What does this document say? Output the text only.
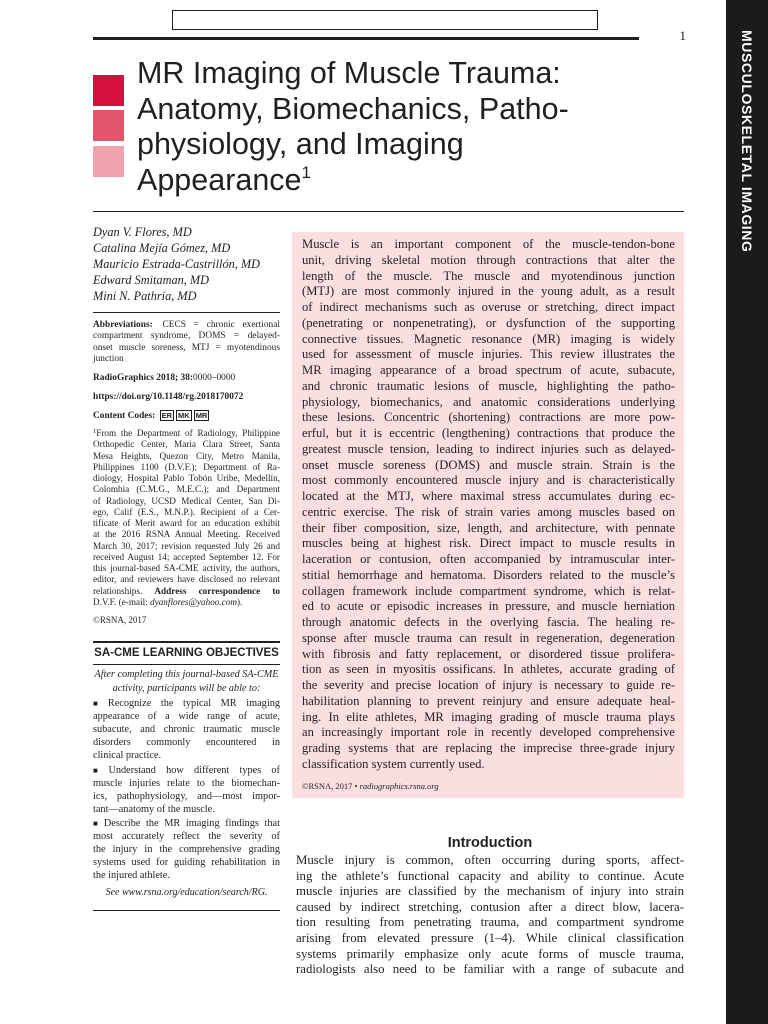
1	MUSCULOSKELETAL IMAGING
MR Imaging of Muscle Trauma:
Anatomy, Biomechanics, Patho-
physiology, and Imaging
Appearance$^1$
Dyan V. Flores, MD
Catalina Mejía Gómez, MD
Mauricio Estrada-Castrillón, MD
Edward Smitaman, MD
Mini N. Pathria, MD
Abbreviations: CECS = chronic exertional
compartment syndrome, DOMS = delayed-
onset muscle soreness, MTJ = myotendinous
junction
RadioGraphics 2018; 38:0000–0000
https://doi.org/10.1148/rg.2018170072
Content Codes: ER MK MR
$^1$From the Department of Radiology, Philippine
Orthopedic Center, Maria Clara Street, Santa
Mesa Heights, Quezon City, Metro Manila,
Philippines 1100 (D.V.F.); Department of Ra-
diology, Hospital Pablo Tobón Uribe, Medellín,
Colombia (C.M.G., M.E.C.); and Department
of Radiology, UCSD Medical Center, San Di-
ego, Calif (E.S., M.N.P.). Recipient of a Cer-
tificate of Merit award for an education exhibit
at the 2016 RSNA Annual Meeting. Received
March 30, 2017; revision requested July 26 and
received August 14; accepted September 12. For
this journal-based SA-CME activity, the authors,
editor, and reviewers have disclosed no relevant
relationships. Address correspondence to
D.V.F. (e-mail: dyanflores@yahoo.com).
©RSNA, 2017
SA-CME LEARNING OBJECTIVES
After completing this journal-based SA-CME
activity, participants will be able to:
■ Recognize the typical MR imaging
appearance of a wide range of acute,
subacute, and chronic traumatic muscle
disorders commonly encountered in
clinical practice.
■ Understand how different types of
muscle injuries relate to the biomechan-
ics, pathophysiology, and—most impor-
tant—anatomy of the muscle.
■ Describe the MR imaging findings that
most accurately reflect the severity of
the injury in the comprehensive grading
systems used for guiding rehabilitation in
the injured athlete.
See www.rsna.org/education/search/RG.
Muscle is an important component of the muscle-tendon-bone
unit, driving skeletal motion through contractions that alter the
length of the muscle. The muscle and myotendinous junction
(MTJ) are most commonly injured in the young adult, as a result
of indirect mechanisms such as overuse or stretching, direct impact
(penetrating or nonpenetrating), or dysfunction of the supporting
connective tissues. Magnetic resonance (MR) imaging is widely
used for assessment of muscle injuries. This review illustrates the
MR imaging appearance of a broad spectrum of acute, subacute,
and chronic traumatic lesions of muscle, highlighting the patho-
physiology, biomechanics, and anatomic considerations underlying
these lesions. Concentric (shortening) contractions are more pow-
erful, but it is eccentric (lengthening) contractions that produce the
greatest muscle tension, leading to indirect injuries such as delayed-
onset muscle soreness (DOMS) and muscle strain. Strain is the
most commonly encountered muscle injury and is characteristically
located at the MTJ, where maximal stress accumulates during ec-
centric exercise. The risk of strain varies among muscles based on
their fiber composition, size, length, and architecture, with pennate
muscles being at highest risk. Direct impact to muscle results in
laceration or contusion, often accompanied by intramuscular inter-
stitial hemorrhage and hematoma. Disorders related to the muscle’s
collagen framework include compartment syndrome, which is relat-
ed to acute or episodic increases in pressure, and muscle herniation
through anatomic defects in the overlying fascia. The healing re-
sponse after muscle trauma can result in regeneration, degeneration
with fibrosis and fatty replacement, or disordered tissue prolifera-
tion as seen in myositis ossificans. In athletes, accurate grading of
the severity and precise location of injury is necessary to guide re-
habilitation planning to prevent reinjury and ensure adequate heal-
ing. In elite athletes, MR imaging grading of muscle trauma plays
an increasingly important role in recently developed comprehensive
grading systems that are replacing the imprecise three-grade injury
classification system currently used.
©RSNA, 2017 • radiographics.rsna.org
Introduction
Muscle injury is common, often occurring during sports, affect-
ing the athlete’s functional capacity and ability to continue. Acute
muscle injuries are classified by the mechanism of injury into strain
caused by indirect stretching, contusion after a direct blow, lacera-
tion resulting from penetrating trauma, and compartment syndrome
arising from elevated pressure (1–4). While clinical classification
systems primarily emphasize only acute forms of muscle trauma,
radiologists also need to be familiar with a range of subacute and
